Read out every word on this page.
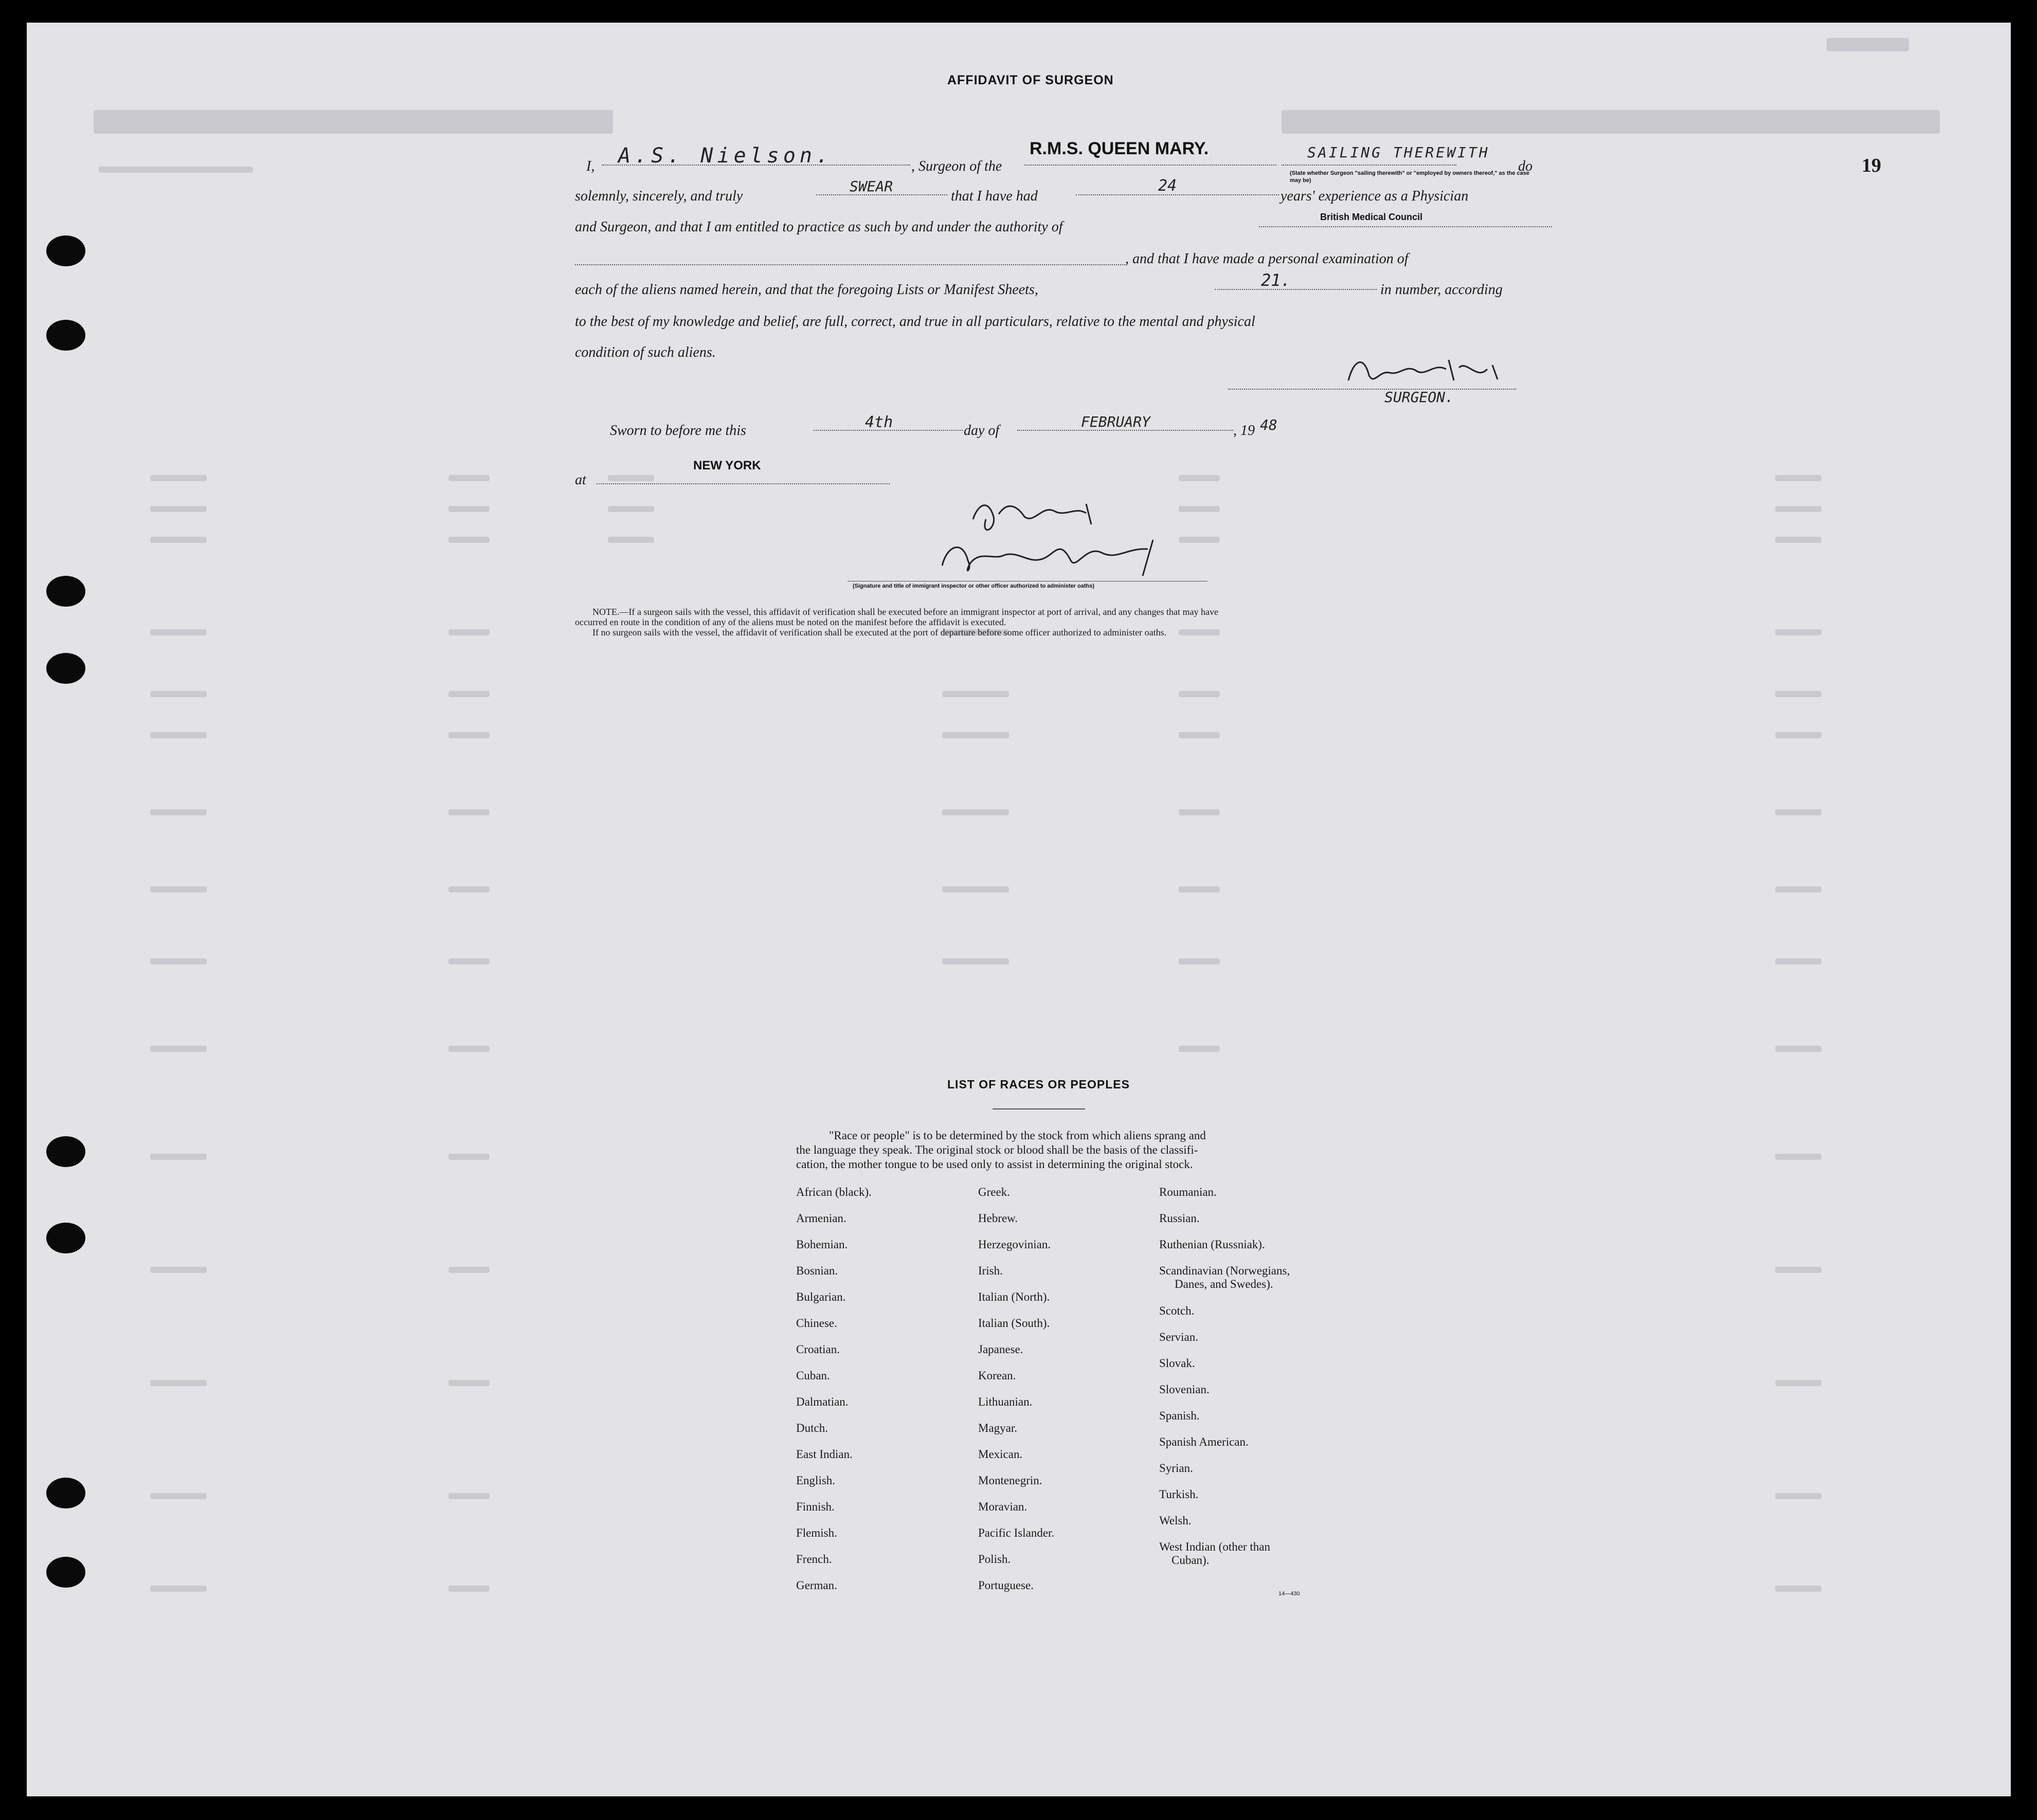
19
AFFIDAVIT OF SURGEON
I, A.S. Nielson.	, Surgeon of the
R.M.S. QUEEN MARY.	SAILING THEREWITH
do
(State whether Surgeon "sailing therewith" or "employed by owners thereof," as the case may be)
solemnly, sincerely, and truly
SWEAR
that I have had
24
years' experience as a Physician
and Surgeon, and that I am entitled to practice as such by and under the authority of
British Medical Council
, and that I have made a personal examination of
each of the aliens named herein, and that the foregoing Lists or Manifest Sheets,	21.	in number, according
to the best of my knowledge and belief, are full, correct, and true in all particulars, relative to the mental and physical
condition of such aliens.
SURGEON.
Sworn to before me this	4th	day of
FEBRUARY
, 19 48
at
NEW YORK
(Signature and title of immigrant inspector or other officer authorized to administer oaths)
NOTE.—If a surgeon sails with the vessel, this affidavit of verification shall be executed before an immigrant inspector at port of arrival, and any changes that may have
occurred en route in the condition of any of the aliens must be noted on the manifest before the affidavit is executed.
If no surgeon sails with the vessel, the affidavit of verification shall be executed at the port of departure before some officer authorized to administer oaths.
LIST OF RACES OR PEOPLES
"Race or people" is to be determined by the stock from which aliens sprang and
the language they speak. The original stock or blood shall be the basis of the classifi-
cation, the mother tongue to be used only to assist in determining the original stock.
African (black).
Armenian.
Bohemian.
Bosnian.
Bulgarian.
Chinese.
Croatian.
Cuban.
Dalmatian.
Dutch.
East Indian.
English.
Finnish.
Flemish.
French.
German.
Greek.
Hebrew.
Herzegovinian.
Irish.
Italian (North).
Italian (South).
Japanese.
Korean.
Lithuanian.
Magyar.
Mexican.
Montenegrin.
Moravian.
Pacific Islander.
Polish.
Portuguese.
Roumanian.
Russian.
Ruthenian (Russniak).
Scandinavian (Norwegians,
Danes, and Swedes).
Scotch.
Servian.
Slovak.
Slovenian.
Spanish.
Spanish American.
Syrian.
Turkish.
Welsh.
West Indian (other than
Cuban).
14—430
